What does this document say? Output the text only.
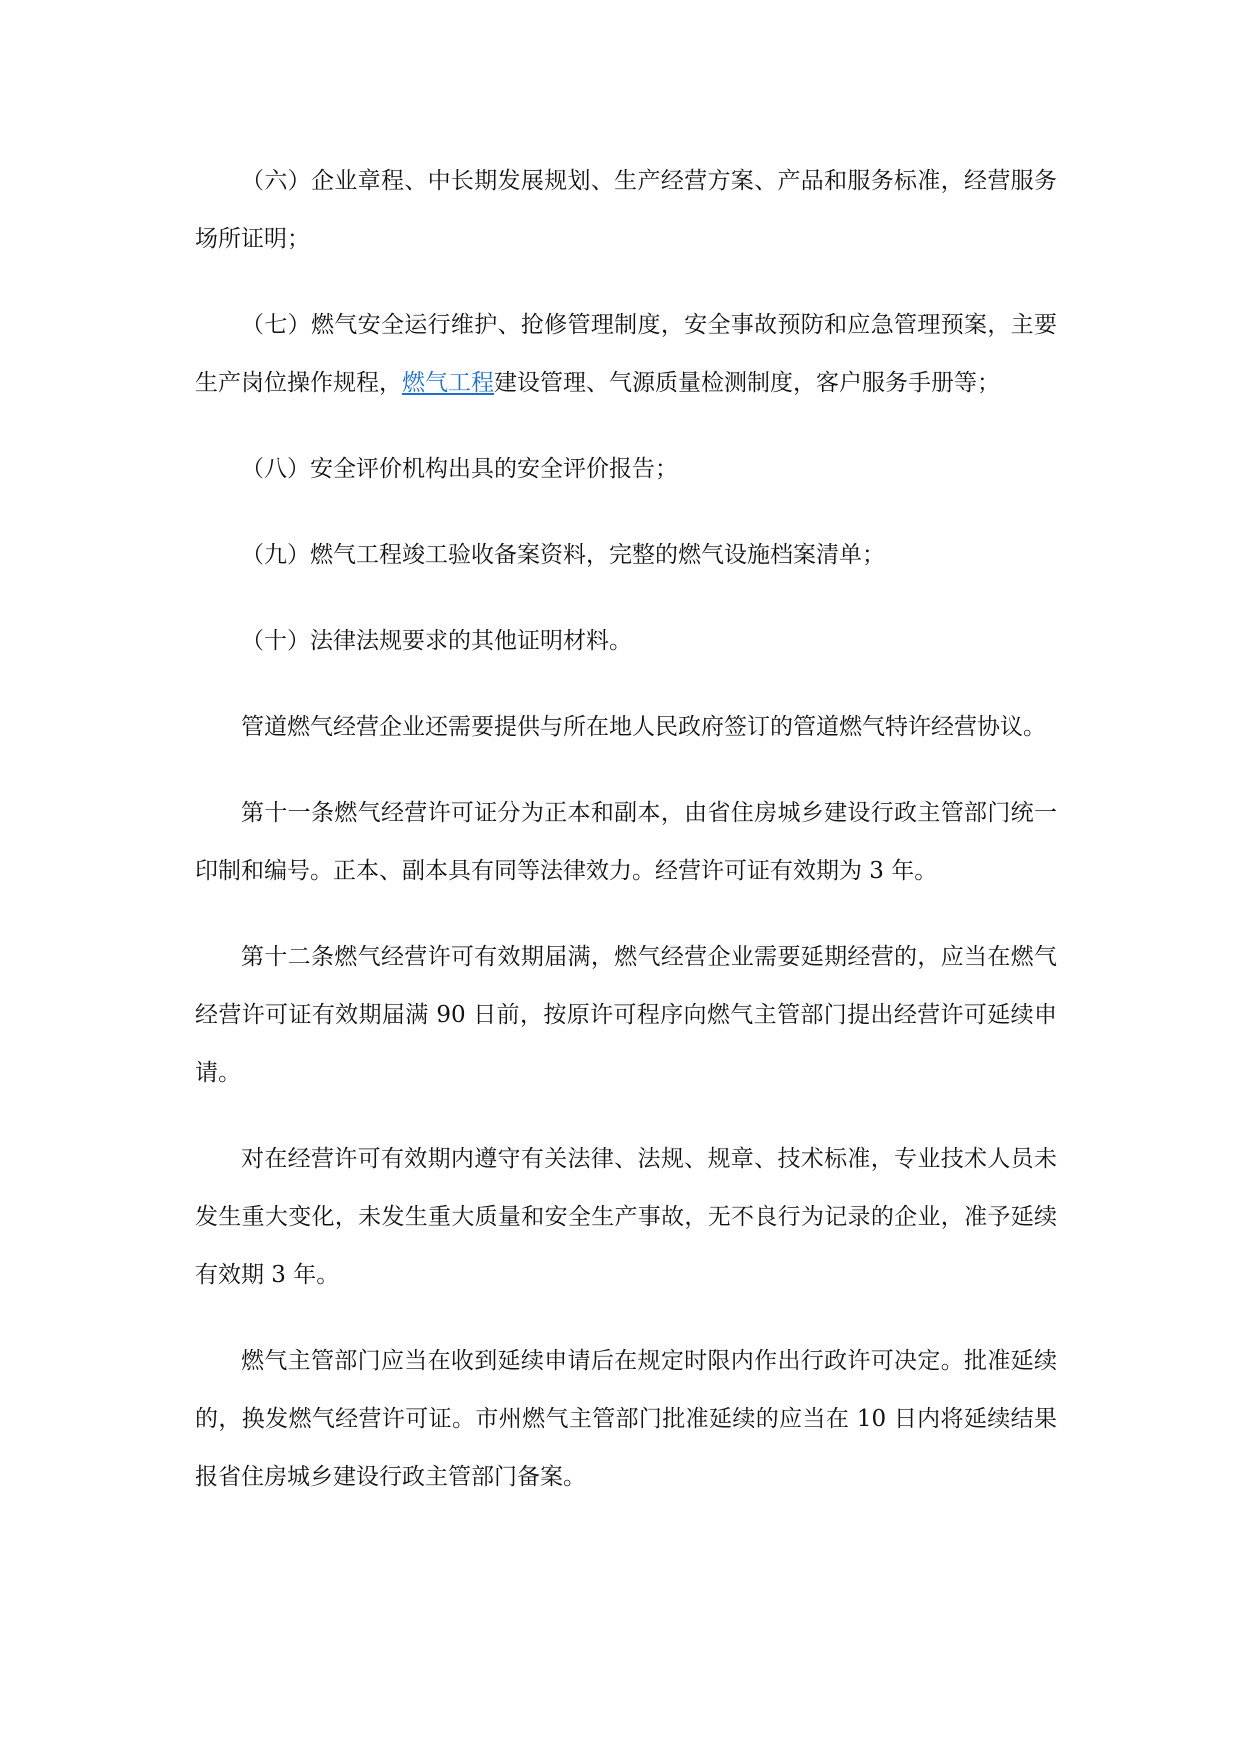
（六）企业章程、中长期发展规划、生产经营方案、产品和服务标准，经营服务场所证明；

（七）燃气安全运行维护、抢修管理制度，安全事故预防和应急管理预案，主要生产岗位操作规程，燃气工程建设管理、气源质量检测制度，客户服务手册等；

（八）安全评价机构出具的安全评价报告；

（九）燃气工程竣工验收备案资料，完整的燃气设施档案清单；

（十）法律法规要求的其他证明材料。

管道燃气经营企业还需要提供与所在地人民政府签订的管道燃气特许经营协议。

第十一条燃气经营许可证分为正本和副本，由省住房城乡建设行政主管部门统一印制和编号。正本、副本具有同等法律效力。经营许可证有效期为 3 年。

第十二条燃气经营许可有效期届满，燃气经营企业需要延期经营的，应当在燃气经营许可证有效期届满 90 日前，按原许可程序向燃气主管部门提出经营许可延续申请。

对在经营许可有效期内遵守有关法律、法规、规章、技术标准，专业技术人员未发生重大变化，未发生重大质量和安全生产事故，无不良行为记录的企业，准予延续有效期 3 年。

燃气主管部门应当在收到延续申请后在规定时限内作出行政许可决定。批准延续的，换发燃气经营许可证。市州燃气主管部门批准延续的应当在 10 日内将延续结果报省住房城乡建设行政主管部门备案。
